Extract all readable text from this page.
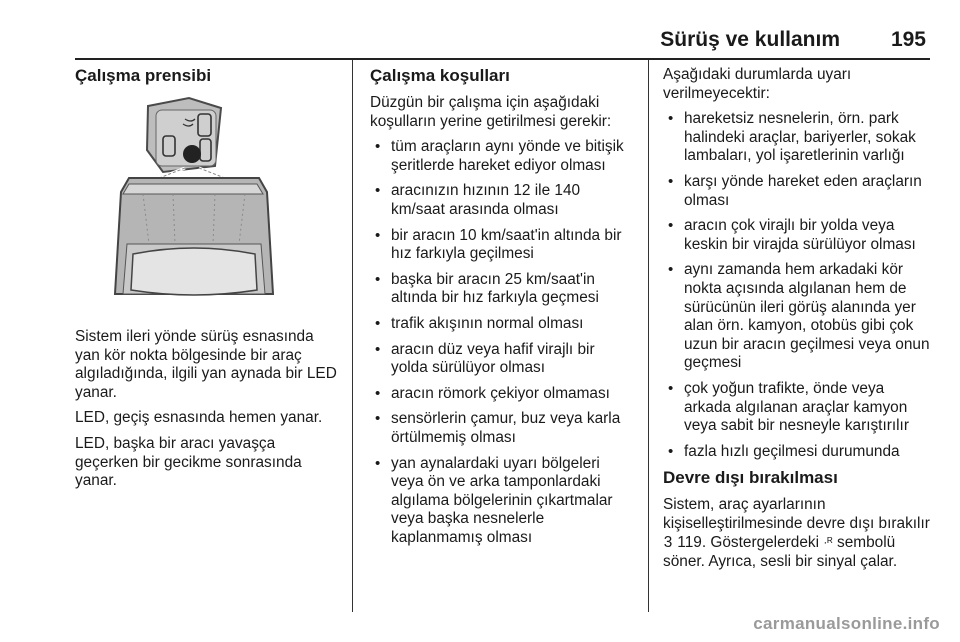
Sürüş ve kullanım 195
Çalışma prensibi

Sistem ileri yönde sürüş esnasında yan kör nokta bölgesinde bir araç algıladığında, ilgili yan aynada bir LED yanar.

LED, geçiş esnasında hemen yanar.

LED, başka bir aracı yavaşça geçerken bir gecikme sonrasında yanar.

Çalışma koşulları

Düzgün bir çalışma için aşağıdaki koşulların yerine getirilmesi gerekir:

• tüm araçların aynı yönde ve bitişik şeritlerde hareket ediyor olması
• aracınızın hızının 12 ile 140 km/saat arasında olması
• bir aracın 10 km/saat'in altında bir hız farkıyla geçilmesi
• başka bir aracın 25 km/saat'in altında bir hız farkıyla geçmesi
• trafik akışının normal olması
• aracın düz veya hafif virajlı bir yolda sürülüyor olması
• aracın römork çekiyor olmaması
• sensörlerin çamur, buz veya karla örtülmemiş olması
• yan aynalardaki uyarı bölgeleri veya ön ve arka tamponlardaki algılama bölgelerinin çıkartmalar veya başka nesnelerle kaplanmamış olması

Aşağıdaki durumlarda uyarı verilmeyecektir:

• hareketsiz nesnelerin, örn. park halindeki araçlar, bariyerler, sokak lambaları, yol işaretlerinin varlığı
• karşı yönde hareket eden araçların olması
• aracın çok virajlı bir yolda veya keskin bir virajda sürülüyor olması
• aynı zamanda hem arkadaki kör nokta açısında algılanan hem de sürücünün ileri görüş alanında yer alan örn. kamyon, otobüs gibi çok uzun bir aracın geçilmesi veya onun geçmesi
• çok yoğun trafikte, önde veya arkada algılanan araçlar kamyon veya sabit bir nesneyle karıştırılır
• fazla hızlı geçilmesi durumunda
Devre dışı bırakılması

Sistem, araç ayarlarının kişiselleştirilmesinde devre dışı bırakılır 3 119. Göstergelerdeki ·ᴿ sembolü söner. Ayrıca, sesli bir sinyal çalar.

carmanualsonline.info
